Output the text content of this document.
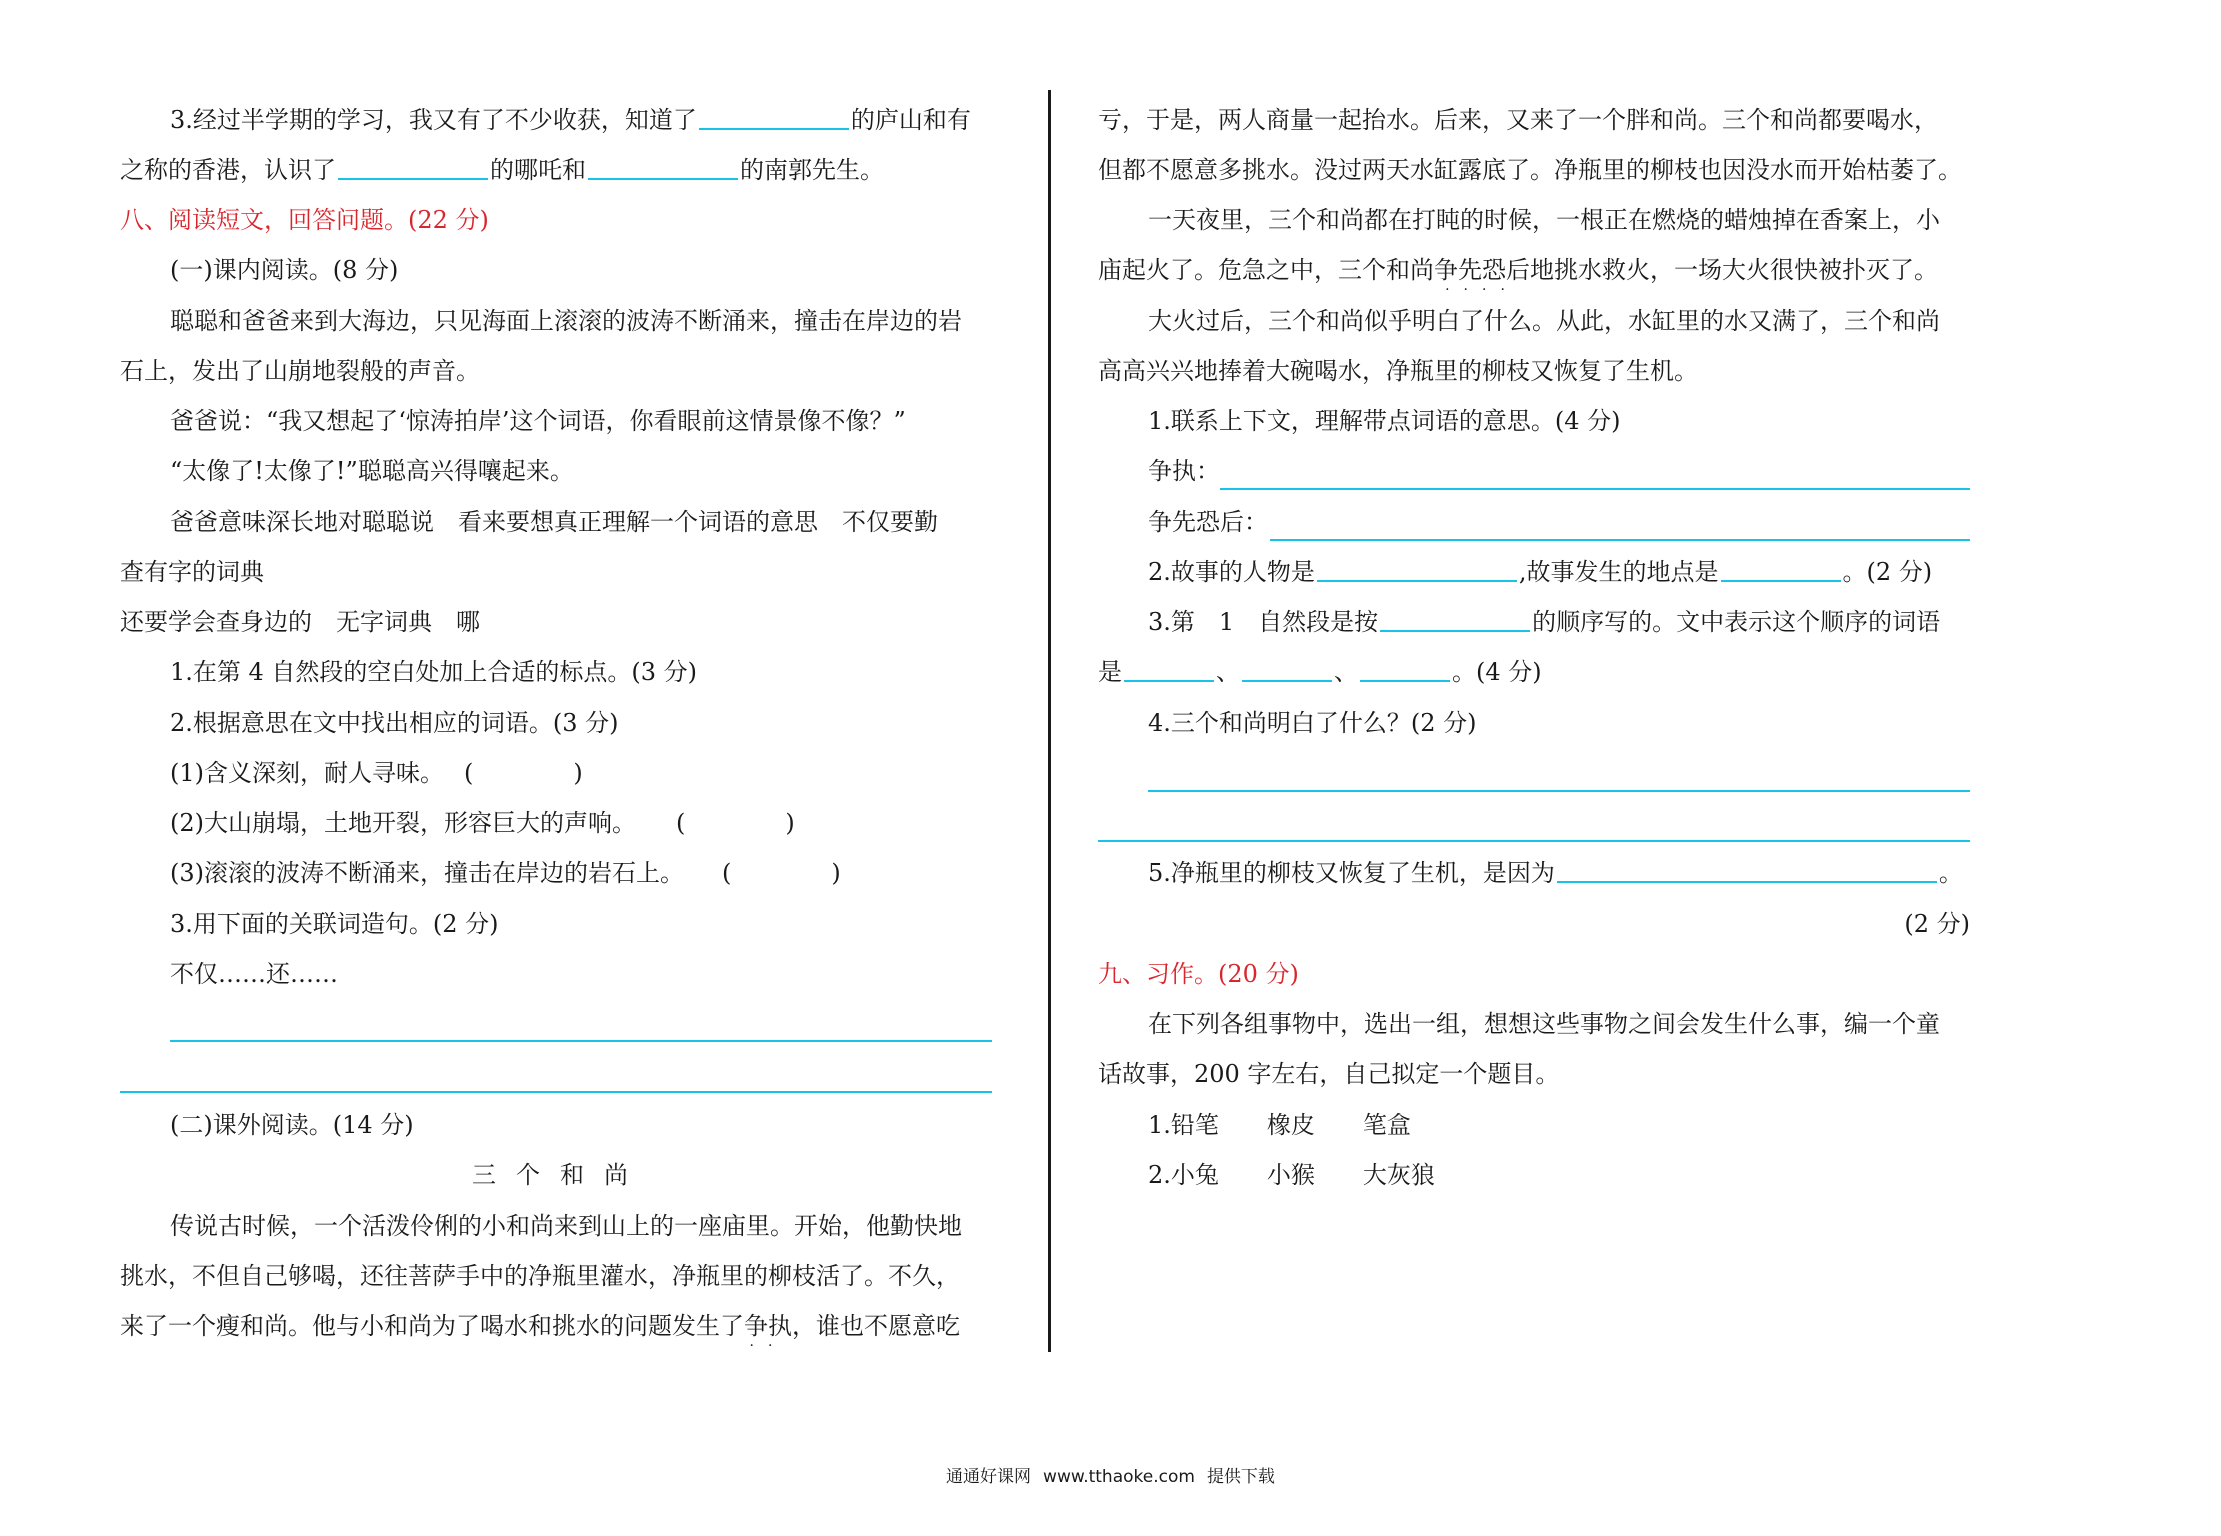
3.经过半学期的学习，我又有了不少收获，知道了	的庐山和有
之称的香港，认识了	的哪吒和	的南郭先生。
八、阅读短文，回答问题。(22 分)
(一)课内阅读。(8 分)
聪聪和爸爸来到大海边，只见海面上滚滚的波涛不断涌来，撞击在岸边的岩
石上，发出了山崩地裂般的声音。
爸爸说：“我又想起了‘惊涛拍岸’这个词语，你看眼前这情景像不像？”
“太像了!太像了!”聪聪高兴得嚷起来。
爸爸意味深长地对聪聪说　看来要想真正理解一个词语的意思　不仅要勤
查有字的词典
还要学会查身边的　无字词典　哪
1.在第 4 自然段的空白处加上合适的标点。(3 分)
2.根据意思在文中找出相应的词语。(3 分)
(1)含义深刻，耐人寻味。 (	)
(2)大山崩塌，土地开裂，形容巨大的声响。 (	)
(3)滚滚的波涛不断涌来，撞击在岸边的岩石上。 (	)
3.用下面的关联词造句。(2 分)
不仅……还……
(二)课外阅读。(14 分)
三个和尚
传说古时候，一个活泼伶俐的小和尚来到山上的一座庙里。开始，他勤快地
挑水，不但自己够喝，还往菩萨手中的净瓶里灌水，净瓶里的柳枝活了。不久，
来了一个瘦和尚。他与小和尚为了喝水和挑水的问题发生了争执
··
，谁也不愿意吃
亏，于是，两人商量一起抬水。后来，又来了一个胖和尚。三个和尚都要喝水，
但都不愿意多挑水。没过两天水缸露底了。净瓶里的柳枝也因没水而开始枯萎了。
一天夜里，三个和尚都在打盹的时候，一根正在燃烧的蜡烛掉在香案上，小
庙起火了。危急之中，三个和尚争先恐后
····
地挑水救火，一场大火很快被扑灭了。
大火过后，三个和尚似乎明白了什么。从此，水缸里的水又满了，三个和尚
高高兴兴地捧着大碗喝水，净瓶里的柳枝又恢复了生机。
1.联系上下文，理解带点词语的意思。(4 分)
争执：
争先恐后：
2.故事的人物是	,故事发生的地点是	。(2 分)
3.第　1　自然段是按	的顺序写的。文中表示这个顺序的词语
是	、	、	。(4 分)
4.三个和尚明白了什么？(2 分)
5.净瓶里的柳枝又恢复了生机，是因为	。
(2 分)
九、习作。(20 分)
在下列各组事物中，选出一组，想想这些事物之间会发生什么事，编一个童
话故事，200 字左右，自己拟定一个题目。
1.铅笔　　橡皮　　笔盒
2.小兔　　小猴　　大灰狼
通通好课网 www.tthaoke.com 提供下载
